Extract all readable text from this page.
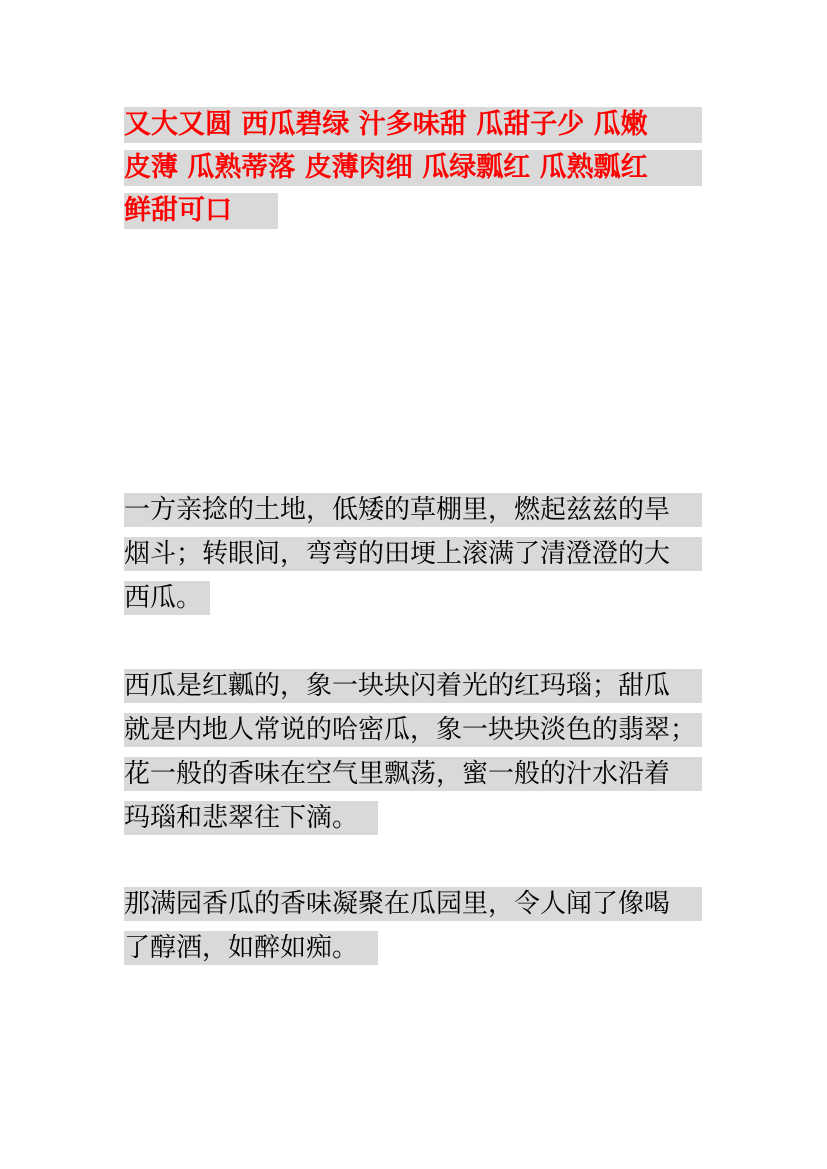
又大又圆 西瓜碧绿 汁多味甜 瓜甜子少 瓜嫩
皮薄 瓜熟蒂落 皮薄肉细 瓜绿瓢红 瓜熟瓢红
鲜甜可口
一方亲捻的土地，低矮的草棚里，燃起兹兹的旱
烟斗；转眼间，弯弯的田埂上滚满了清澄澄的大
西瓜。
西瓜是红瓤的，象一块块闪着光的红玛瑙；甜瓜
就是内地人常说的哈密瓜，象一块块淡色的翡翠；
花一般的香味在空气里飘荡，蜜一般的汁水沿着
玛瑙和悲翠往下滴。
那满园香瓜的香味凝聚在瓜园里，令人闻了像喝
了醇酒，如醉如痴。
